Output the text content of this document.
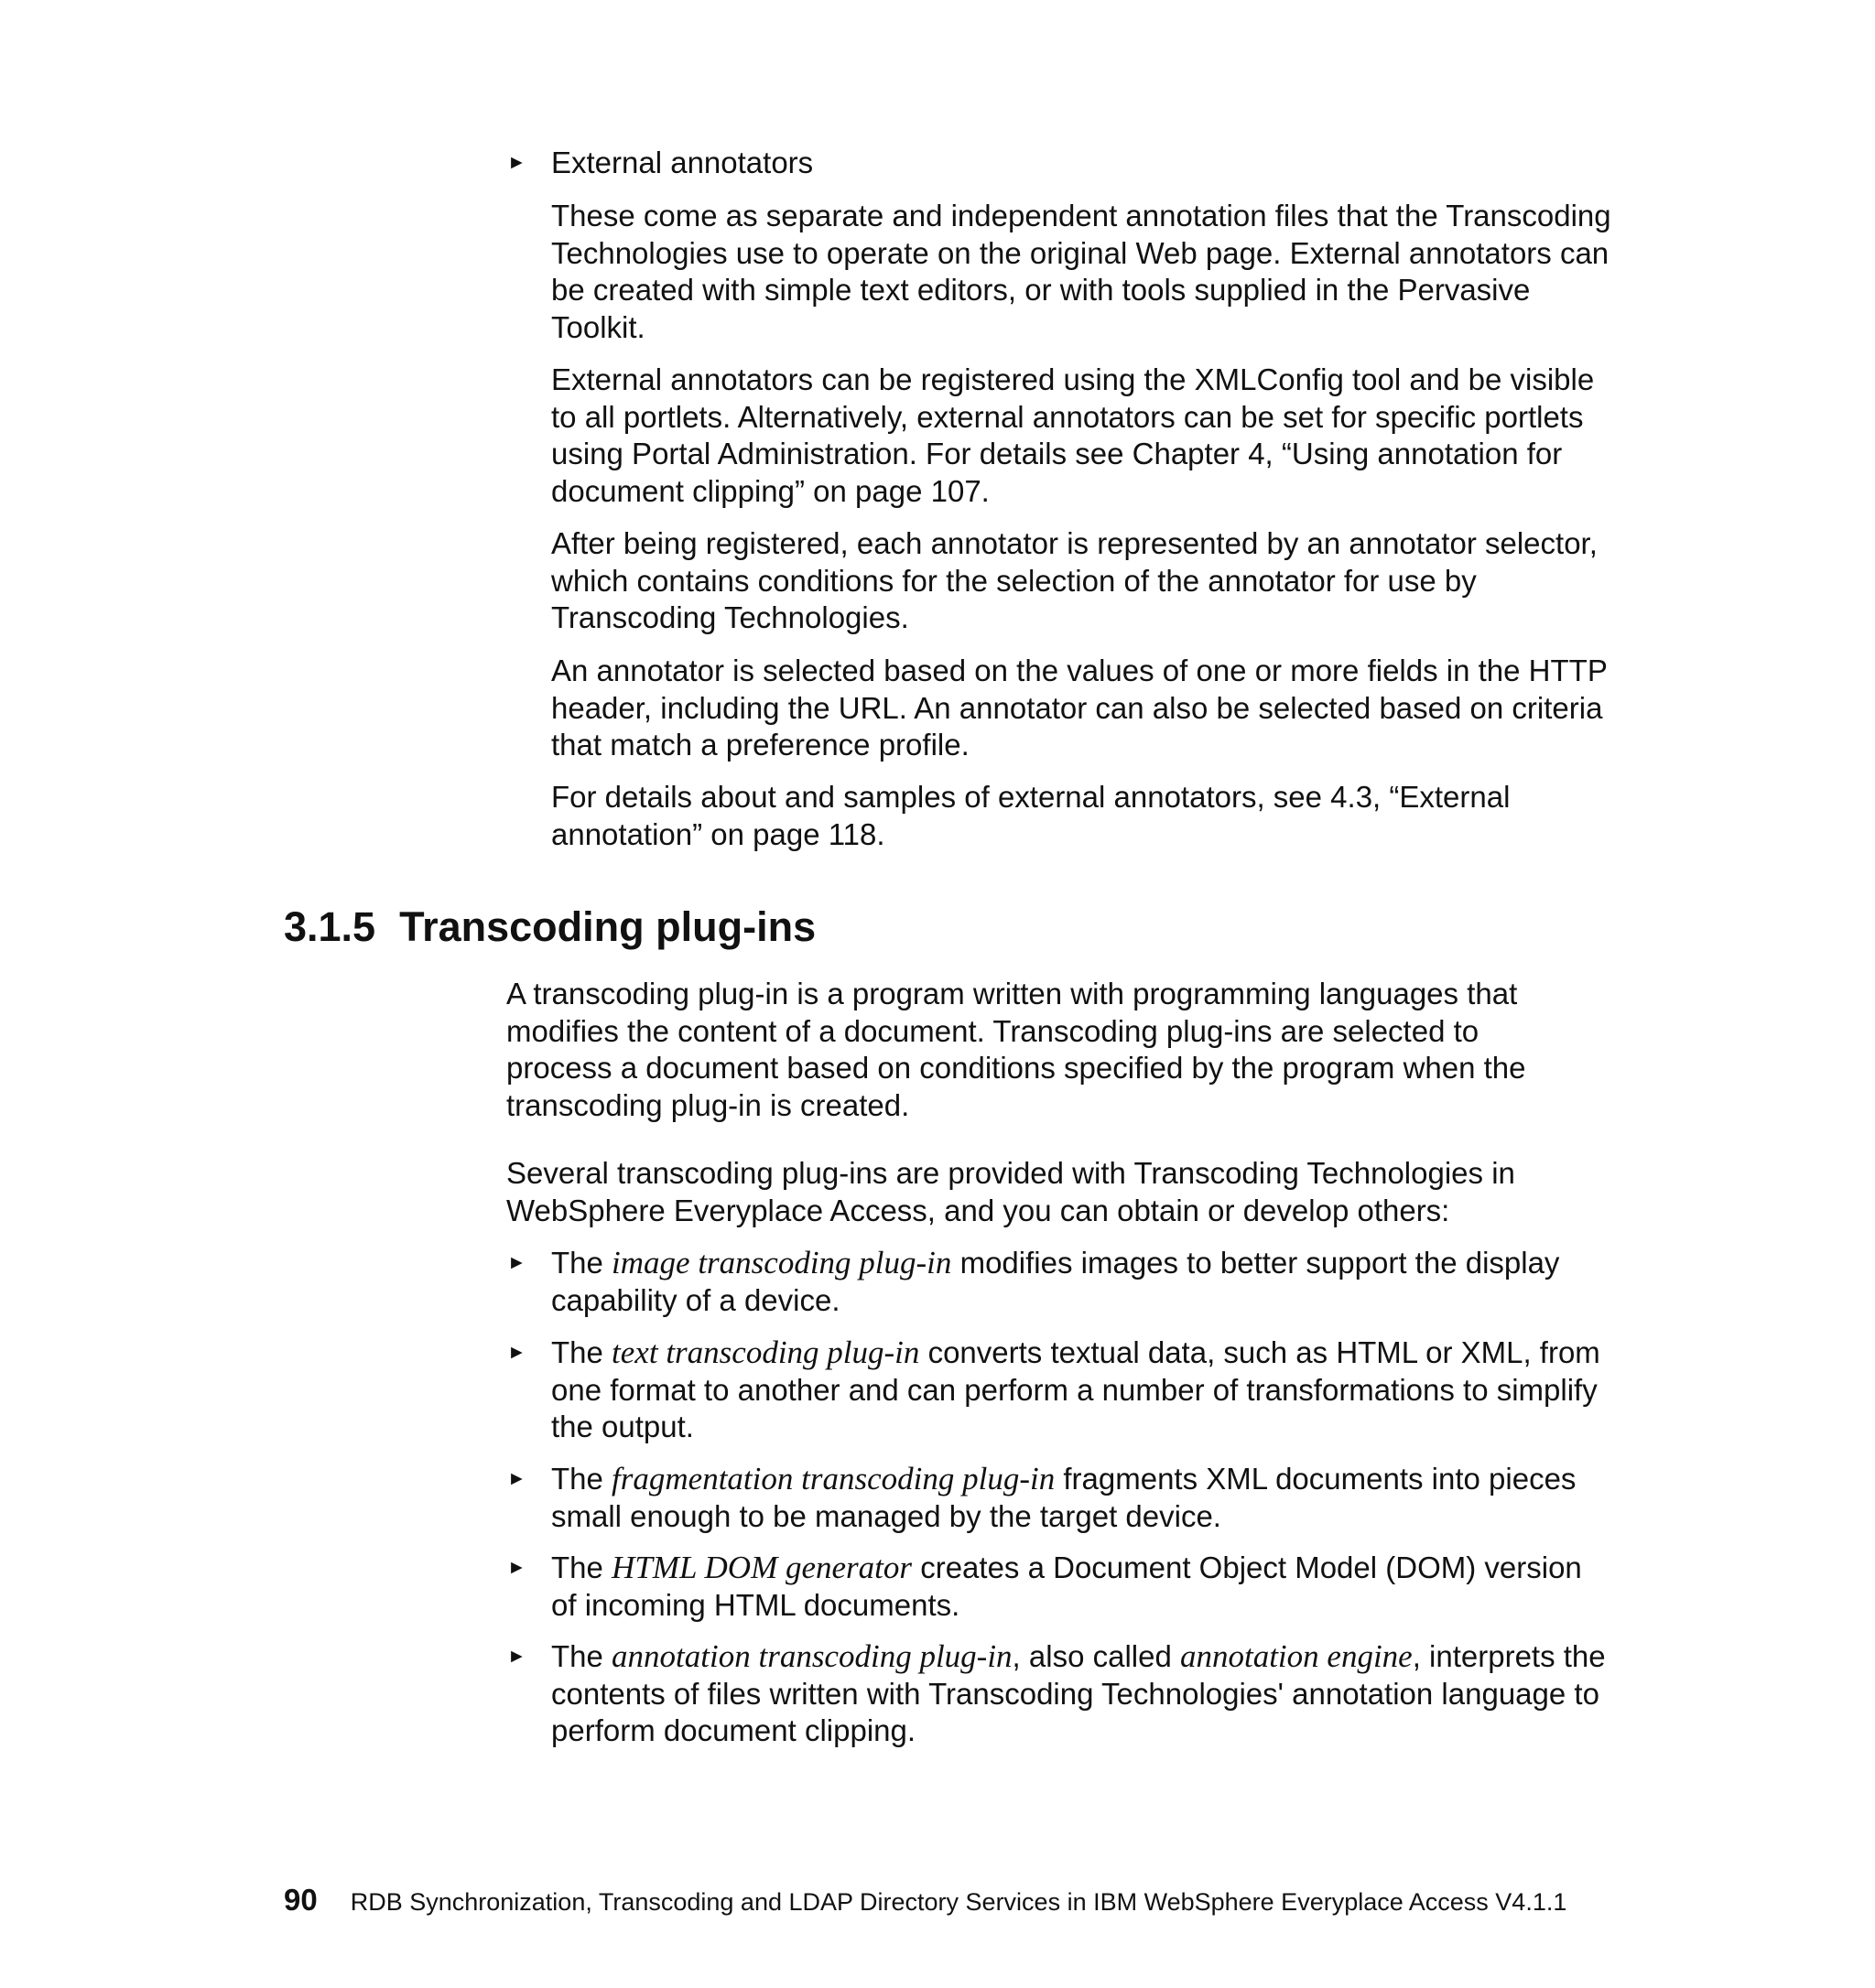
► External annotators

These come as separate and independent annotation files that the Transcoding Technologies use to operate on the original Web page. External annotators can be created with simple text editors, or with tools supplied in the Pervasive Toolkit.

External annotators can be registered using the XMLConfig tool and be visible to all portlets. Alternatively, external annotators can be set for specific portlets using Portal Administration. For details see Chapter 4, “Using annotation for document clipping” on page 107.

After being registered, each annotator is represented by an annotator selector, which contains conditions for the selection of the annotator for use by Transcoding Technologies.

An annotator is selected based on the values of one or more fields in the HTTP header, including the URL. An annotator can also be selected based on criteria that match a preference profile.

For details about and samples of external annotators, see 4.3, “External annotation” on page 118.

3.1.5 Transcoding plug-ins

A transcoding plug-in is a program written with programming languages that modifies the content of a document. Transcoding plug-ins are selected to process a document based on conditions specified by the program when the transcoding plug-in is created.

Several transcoding plug-ins are provided with Transcoding Technologies in WebSphere Everyplace Access, and you can obtain or develop others:

► The image transcoding plug-in modifies images to better support the display capability of a device.

► The text transcoding plug-in converts textual data, such as HTML or XML, from one format to another and can perform a number of transformations to simplify the output.

► The fragmentation transcoding plug-in fragments XML documents into pieces small enough to be managed by the target device.

► The HTML DOM generator creates a Document Object Model (DOM) version of incoming HTML documents.

► The annotation transcoding plug-in, also called annotation engine, interprets the contents of files written with Transcoding Technologies' annotation language to perform document clipping.

90 RDB Synchronization, Transcoding and LDAP Directory Services in IBM WebSphere Everyplace Access V4.1.1
